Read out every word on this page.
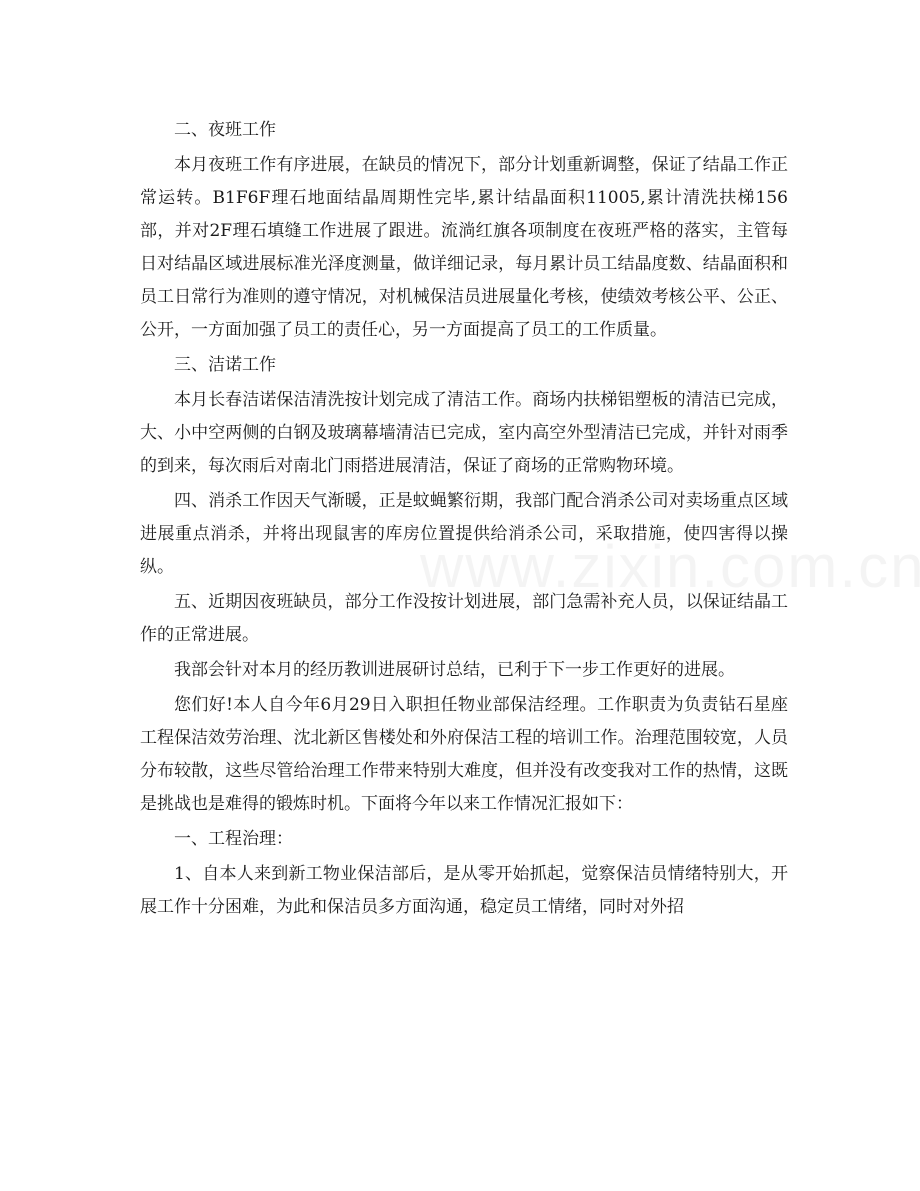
二、夜班工作

本月夜班工作有序进展，在缺员的情况下，部分计划重新调整，保证了结晶工作正常运转。B1F6F理石地面结晶周期性完毕,累计结晶面积11005,累计清洗扶梯156部，并对2F理石填缝工作进展了跟进。流淌红旗各项制度在夜班严格的落实，主管每日对结晶区域进展标准光泽度测量，做详细记录，每月累计员工结晶度数、结晶面积和员工日常行为准则的遵守情况，对机械保洁员进展量化考核，使绩效考核公平、公正、公开，一方面加强了员工的责任心，另一方面提高了员工的工作质量。

三、洁诺工作

本月长春洁诺保洁清洗按计划完成了清洁工作。商场内扶梯铝塑板的清洁已完成，大、小中空两侧的白钢及玻璃幕墙清洁已完成，室内高空外型清洁已完成，并针对雨季的到来，每次雨后对南北门雨搭进展清洁，保证了商场的正常购物环境。

四、消杀工作因天气渐暖，正是蚊蝇繁衍期，我部门配合消杀公司对卖场重点区域进展重点消杀，并将出现鼠害的库房位置提供给消杀公司，采取措施，使四害得以操纵。

五、近期因夜班缺员，部分工作没按计划进展，部门急需补充人员，以保证结晶工作的正常进展。

我部会针对本月的经历教训进展研讨总结，已利于下一步工作更好的进展。

您们好!本人自今年6月29日入职担任物业部保洁经理。工作职责为负责钻石星座工程保洁效劳治理、沈北新区售楼处和外府保洁工程的培训工作。治理范围较宽，人员分布较散，这些尽管给治理工作带来特别大难度，但并没有改变我对工作的热情，这既是挑战也是难得的锻炼时机。下面将今年以来工作情况汇报如下：

一、工程治理：

1、自本人来到新工物业保洁部后，是从零开始抓起，觉察保洁员情绪特别大，开展工作十分困难，为此和保洁员多方面沟通，稳定员工情绪，同时对外招
